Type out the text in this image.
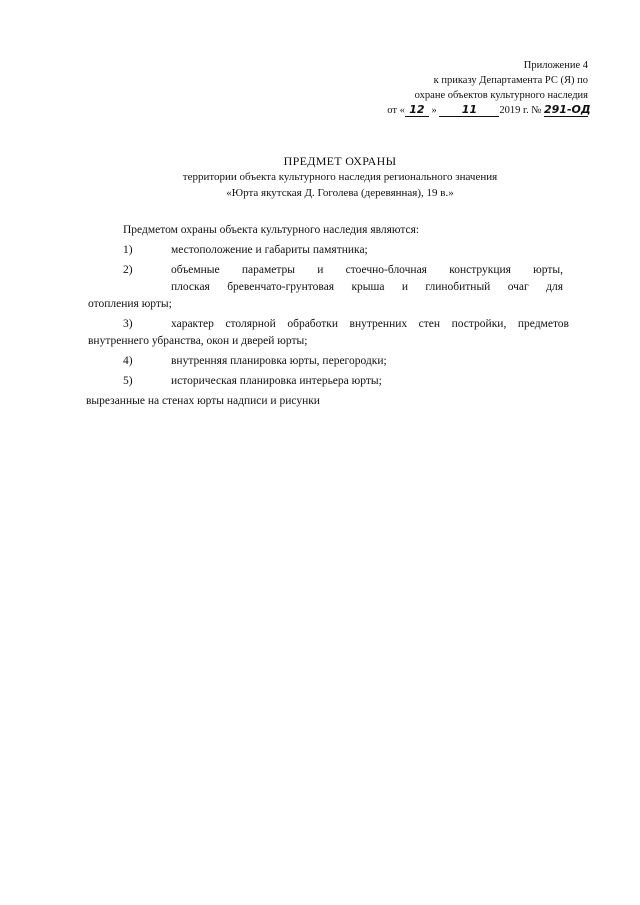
Приложение 4
к приказу Департамента РС (Я) по
охране объектов культурного наследия
от « 12 » 11 2019 г. № 291-ОД
ПРЕДМЕТ ОХРАНЫ
территории объекта культурного наследия регионального значения
«Юрта якутская Д. Гоголева (деревянная), 19 в.»
Предметом охраны объекта культурного наследия являются:
1)	местоположение и габариты памятника;
2)	объемные параметры и стоечно-блочная конструкция юрты,
плоская бревенчато-грунтовая крыша и глинобитный очаг для
отопления юрты;
3)	характер столярной обработки внутренних стен постройки, предметов
внутреннего убранства, окон и дверей юрты;
4)	внутренняя планировка юрты, перегородки;
5)	историческая планировка интерьера юрты;
вырезанные на стенах юрты надписи и рисунки
